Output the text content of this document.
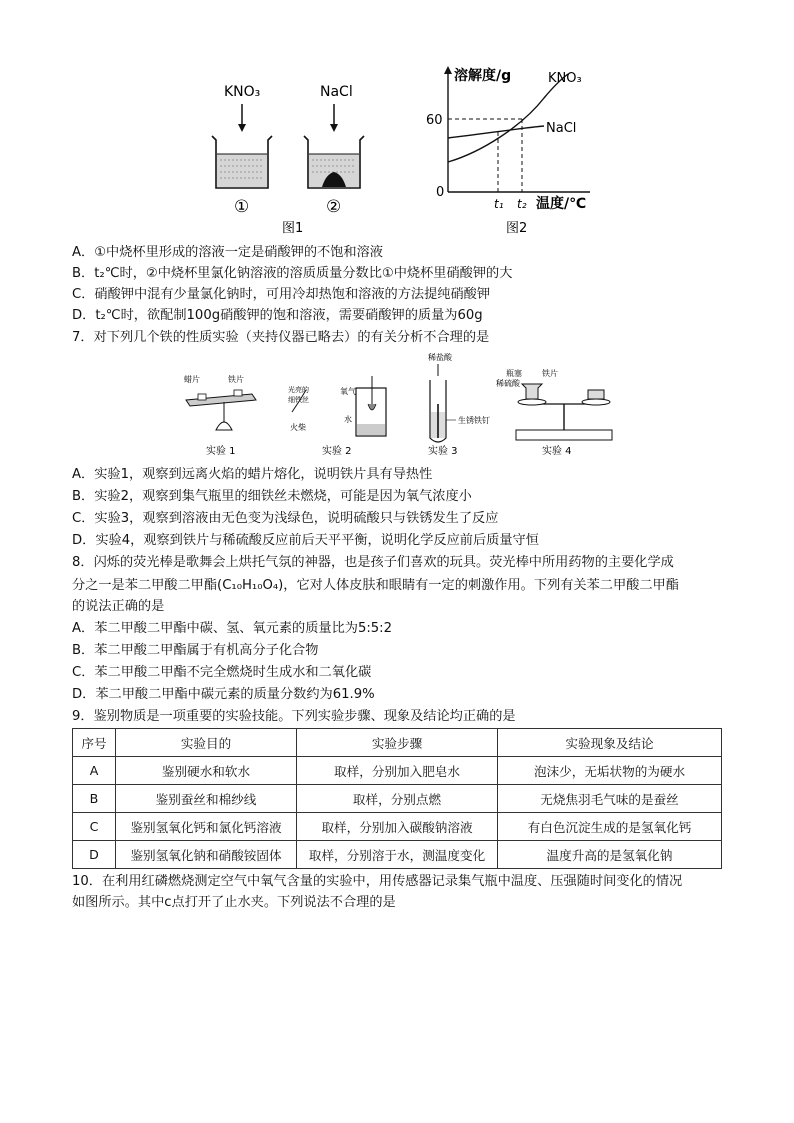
KNO₃	NaCl
①	②
图1
溶解度/g
60
0
KNO₃
NaCl
t₁ t₂ 温度/℃
图2
A．①中烧杯里形成的溶液一定是硝酸钾的不饱和溶液
B．t₂℃时，②中烧杯里氯化钠溶液的溶质质量分数比①中烧杯里硝酸钾的大
C．硝酸钾中混有少量氯化钠时，可用冷却热饱和溶液的方法提纯硝酸钾
D．t₂℃时，欲配制100g硝酸钾的饱和溶液，需要硝酸钾的质量为60g
7．对下列几个铁的性质实验（夹持仪器已略去）的有关分析不合理的是
蜡片	铁片
实验 1
光亮的
细铁丝
火柴
氧气
水
实验 2
稀盐酸
生锈铁钉
实验 3
瓶塞
稀硫酸
铁片
实验 4
A．实验1，观察到远离火焰的蜡片熔化，说明铁片具有导热性
B．实验2，观察到集气瓶里的细铁丝未燃烧，可能是因为氧气浓度小
C．实验3，观察到溶液由无色变为浅绿色，说明硫酸只与铁锈发生了反应
D．实验4，观察到铁片与稀硫酸反应前后天平平衡，说明化学反应前后质量守恒
8．闪烁的荧光棒是歌舞会上烘托气氛的神器，也是孩子们喜欢的玩具。荧光棒中所用药物的主要化学成
分之一是苯二甲酸二甲酯(C₁₀H₁₀O₄)，它对人体皮肤和眼睛有一定的刺激作用。下列有关苯二甲酸二甲酯
的说法正确的是
A．苯二甲酸二甲酯中碳、氢、氧元素的质量比为5:5:2
B．苯二甲酸二甲酯属于有机高分子化合物
C．苯二甲酸二甲酯不完全燃烧时生成水和二氧化碳
D．苯二甲酸二甲酯中碳元素的质量分数约为61.9%
9．鉴别物质是一项重要的实验技能。下列实验步骤、现象及结论均正确的是
序号	实验目的	实验步骤	实验现象及结论
A	鉴别硬水和软水	取样，分别加入肥皂水	泡沫少，无垢状物的为硬水
B	鉴别蚕丝和棉纱线	取样，分别点燃	无烧焦羽毛气味的是蚕丝
C	鉴别氢氧化钙和氯化钙溶液	取样，分别加入碳酸钠溶液	有白色沉淀生成的是氢氧化钙
D	鉴别氢氧化钠和硝酸铵固体	取样，分别溶于水，测温度变化	温度升高的是氢氧化钠
10．在利用红磷燃烧测定空气中氧气含量的实验中，用传感器记录集气瓶中温度、压强随时间变化的情况
如图所示。其中c点打开了止水夹。下列说法不合理的是
